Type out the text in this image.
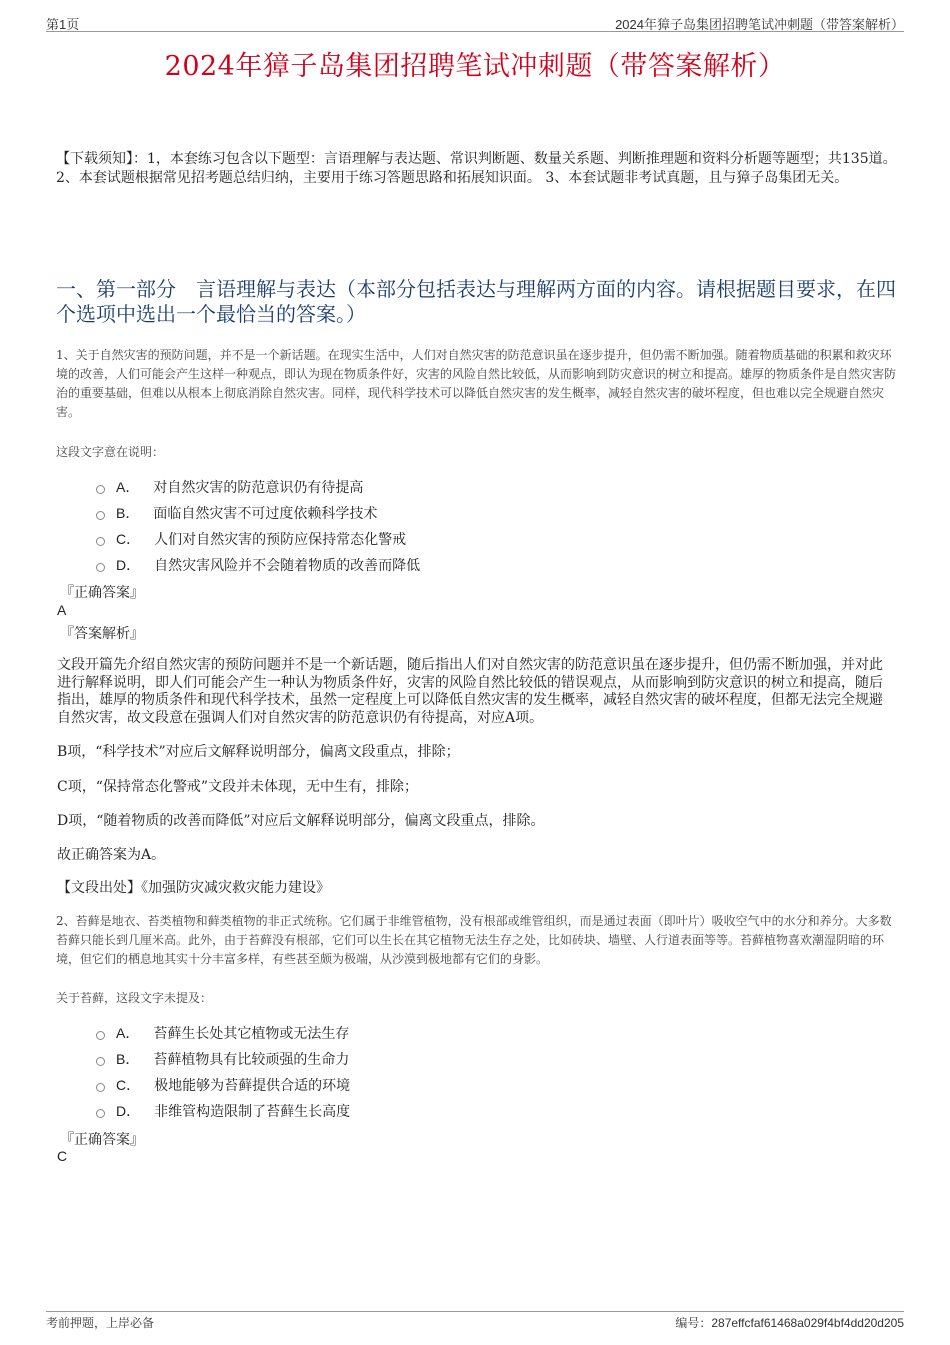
第1页	2024年獐子岛集团招聘笔试冲刺题（带答案解析）
2024年獐子岛集团招聘笔试冲刺题（带答案解析）
【下载须知】：1，本套练习包含以下题型：言语理解与表达题、常识判断题、数量关系题、判断推理题和资料分析题等题型；共135道。 2、本套试题根据常见招考题总结归纳，主要用于练习答题思路和拓展知识面。 3、本套试题非考试真题，且与獐子岛集团无关。
一、第一部分　言语理解与表达（本部分包括表达与理解两方面的内容。请根据题目要求，在四个选项中选出一个最恰当的答案。）
1、关于自然灾害的预防问题，并不是一个新话题。在现实生活中，人们对自然灾害的防范意识虽在逐步提升，但仍需不断加强。随着物质基础的积累和救灾环境的改善，人们可能会产生这样一种观点，即认为现在物质条件好，灾害的风险自然比较低，从而影响到防灾意识的树立和提高。雄厚的物质条件是自然灾害防治的重要基础，但难以从根本上彻底消除自然灾害。同样，现代科学技术可以降低自然灾害的发生概率，减轻自然灾害的破坏程度，但也难以完全规避自然灾害。
这段文字意在说明：
A． 对自然灾害的防范意识仍有待提高
B． 面临自然灾害不可过度依赖科学技术
C． 人们对自然灾害的预防应保持常态化警戒
D． 自然灾害风险并不会随着物质的改善而降低
『正确答案』
A
『答案解析』
文段开篇先介绍自然灾害的预防问题并不是一个新话题，随后指出人们对自然灾害的防范意识虽在逐步提升，但仍需不断加强，并对此进行解释说明，即人们可能会产生一种认为物质条件好，灾害的风险自然比较低的错误观点，从而影响到防灾意识的树立和提高，随后指出，雄厚的物质条件和现代科学技术，虽然一定程度上可以降低自然灾害的发生概率，减轻自然灾害的破坏程度，但都无法完全规避自然灾害，故文段意在强调人们对自然灾害的防范意识仍有待提高，对应A项。
B项，“科学技术”对应后文解释说明部分，偏离文段重点，排除；
C项，“保持常态化警戒”文段并未体现，无中生有，排除；
D项，“随着物质的改善而降低”对应后文解释说明部分，偏离文段重点，排除。
故正确答案为A。
【文段出处】《加强防灾减灾救灾能力建设》
2、苔藓是地衣、苔类植物和藓类植物的非正式统称。它们属于非维管植物，没有根部或维管组织，而是通过表面（即叶片）吸收空气中的水分和养分。大多数苔藓只能长到几厘米高。此外，由于苔藓没有根部，它们可以生长在其它植物无法生存之处，比如砖块、墙壁、人行道表面等等。苔藓植物喜欢潮湿阴暗的环境，但它们的栖息地其实十分丰富多样，有些甚至颇为极端，从沙漠到极地都有它们的身影。
关于苔藓，这段文字未提及：
A． 苔藓生长处其它植物或无法生存
B． 苔藓植物具有比较顽强的生命力
C． 极地能够为苔藓提供合适的环境
D． 非维管构造限制了苔藓生长高度
『正确答案』
C
考前押题，上岸必备	编号：287effcfaf61468a029f4bf4dd20d205
